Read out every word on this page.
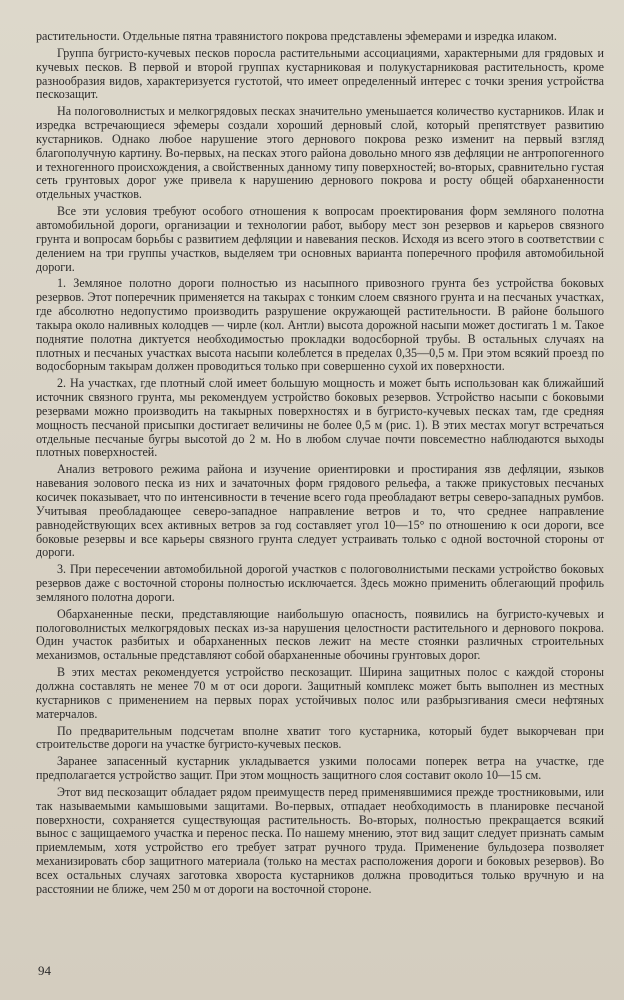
растительности. Отдельные пятна травянистого покрова представлены эфемерами и изредка илаком.

Группа бугристо-кучевых песков поросла растительными ассоциациями, характерными для грядовых и кучевых песков. В первой и второй группах кустарниковая и полукустарниковая растительность, кроме разнообразия видов, характеризуется густотой, что имеет определенный интерес с точки зрения устройства пескозащит.

На пологоволнистых и мелкогрядовых песках значительно уменьшается количество кустарников. Илак и изредка встречающиеся эфемеры создали хороший дерновый слой, который препятствует развитию кустарников. Однако любое нарушение этого дернового покрова резко изменит на первый взгляд благополучную картину. Во-первых, на песках этого района довольно много язв дефляции не антропогенного и техногенного происхождения, а свойственных данному типу поверхностей; во-вторых, сравнительно густая сеть грунтовых дорог уже привела к нарушению дернового покрова и росту общей обарханенности отдельных участков.

Все эти условия требуют особого отношения к вопросам проектирования форм земляного полотна автомобильной дороги, организации и технологии работ, выбору мест зон резервов и карьеров связного грунта и вопросам борьбы с развитием дефляции и навевания песков. Исходя из всего этого в соответствии с делением на три группы участков, выделяем три основных варианта поперечного профиля автомобильной дороги.

1. Земляное полотно дороги полностью из насыпного привозного грунта без устройства боковых резервов. Этот поперечник применяется на такырах с тонким слоем связного грунта и на песчаных участках, где абсолютно недопустимо производить разрушение окружающей растительности. В районе большого такыра около наливных колодцев — чирле (кол. Антли) высота дорожной насыпи может достигать 1 м. Такое поднятие полотна диктуется необходимостью прокладки водосборной трубы. В остальных случаях на плотных и песчаных участках высота насыпи колеблется в пределах 0,35—0,5 м. При этом всякий проезд по водосборным такырам должен проводиться только при совершенно сухой их поверхности.

2. На участках, где плотный слой имеет большую мощность и может быть использован как ближайший источник связного грунта, мы рекомендуем устройство боковых резервов. Устройство насыпи с боковыми резервами можно производить на такырных поверхностях и в бугристо-кучевых песках там, где средняя мощность песчаной присыпки достигает величины не более 0,5 м (рис. 1). В этих местах могут встречаться отдельные песчаные бугры высотой до 2 м. Но в любом случае почти повсеместно наблюдаются выходы плотных поверхностей.

Анализ ветрового режима района и изучение ориентировки и простирания язв дефляции, языков навевания эолового песка из них и зачаточных форм грядового рельефа, а также прикустовых песчаных косичек показывает, что по интенсивности в течение всего года преобладают ветры северо-западных румбов. Учитывая преобладающее северо-западное направление ветров и то, что среднее направление равнодействующих всех активных ветров за год составляет угол 10—15° по отношению к оси дороги, все боковые резервы и все карьеры связного грунта следует устраивать только с одной восточной стороны от дороги.

3. При пересечении автомобильной дорогой участков с пологоволнистыми песками устройство боковых резервов даже с восточной стороны полностью исключается. Здесь можно применить облегающий профиль земляного полотна дороги.

Обарханенные пески, представляющие наибольшую опасность, появились на бугристо-кучевых и пологоволнистых мелкогрядовых песках из-за нарушения целостности растительного и дернового покрова. Один участок разбитых и обарханенных песков лежит на месте стоянки различных строительных механизмов, остальные представляют собой обарханенные обочины грунтовых дорог.

В этих местах рекомендуется устройство пескозащит. Ширина защитных полос с каждой стороны должна составлять не менее 70 м от оси дороги. Защитный комплекс может быть выполнен из местных кустарников с применением на первых порах устойчивых полос или разбрызгивания смеси нефтяных матерчалов.

По предварительным подсчетам вполне хватит того кустарника, который будет выкорчеван при строительстве дороги на участке бугристо-кучевых песков.

Заранее запасенный кустарник укладывается узкими полосами поперек ветра на участке, где предполагается устройство защит. При этом мощность защитного слоя составит около 10—15 см.

Этот вид пескозащит обладает рядом преимуществ перед применявшимися прежде тростниковыми, или так называемыми камышовыми защитами. Во-первых, отпадает необходимость в планировке песчаной поверхности, сохраняется существующая растительность. Во-вторых, полностью прекращается всякий вынос с защищаемого участка и перенос песка. По нашему мнению, этот вид защит следует признать самым приемлемым, хотя устройство его требует затрат ручного труда. Применение бульдозера позволяет механизировать сбор защитного материала (только на местах расположения дороги и боковых резервов). Во всех остальных случаях заготовка хвороста кустарников должна проводиться только вручную и на расстоянии не ближе, чем 250 м от дороги на восточной стороне.

94
